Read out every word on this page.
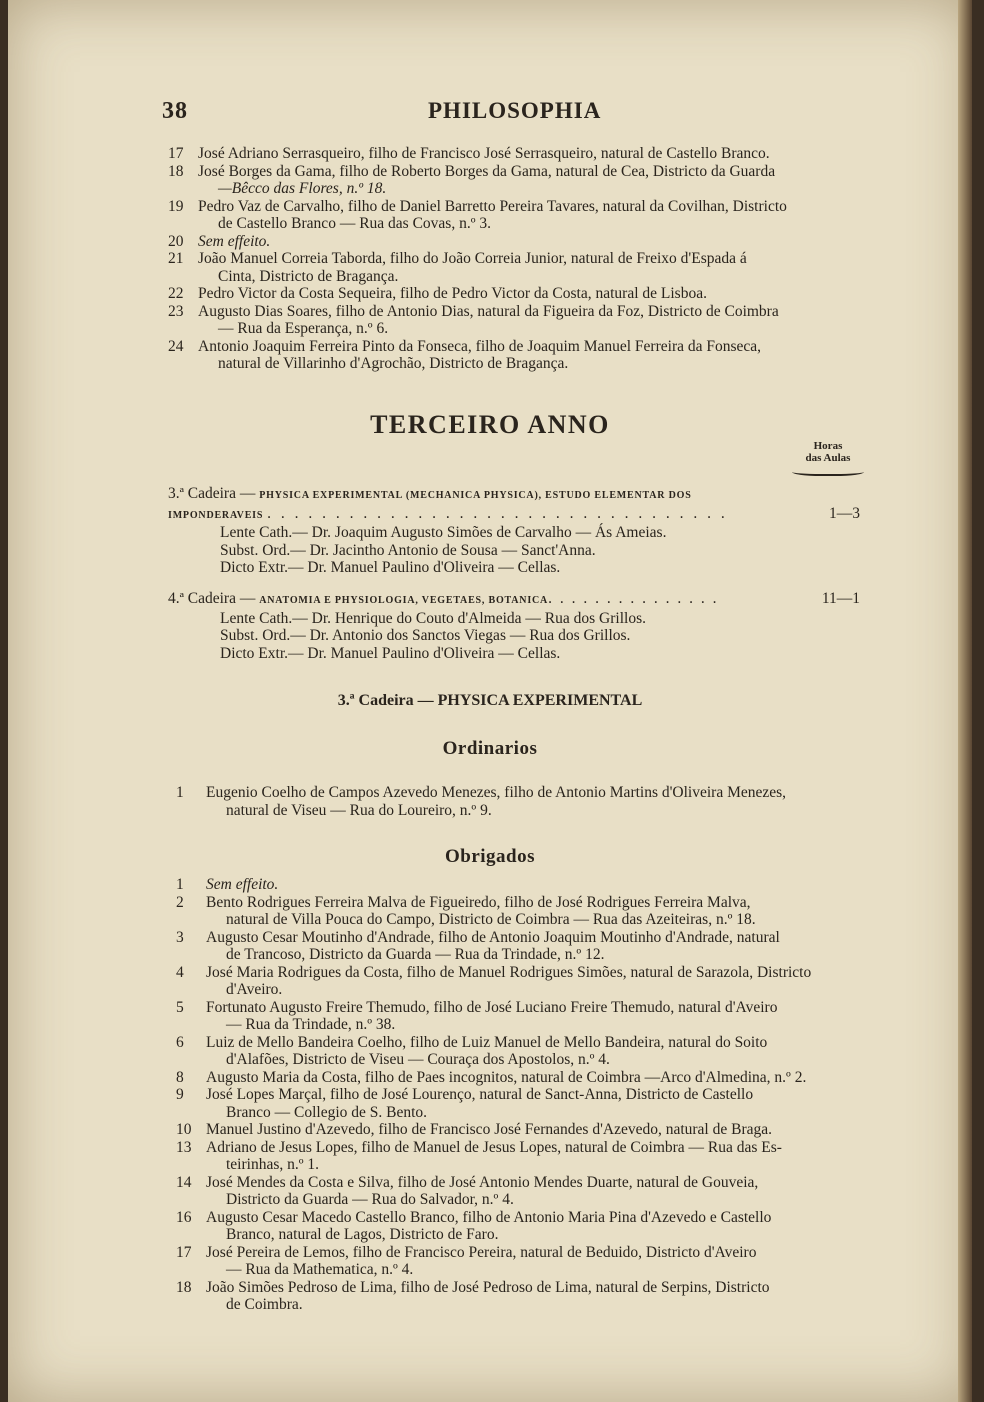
38	PHILOSOPHIA
17 José Adriano Serrasqueiro, filho de Francisco José Serrasqueiro, natural de Castello Branco.
18 José Borges da Gama, filho de Roberto Borges da Gama, natural de Cea, Districto da Guarda
—Bêcco das Flores, n.º 18.
19 Pedro Vaz de Carvalho, filho de Daniel Barretto Pereira Tavares, natural da Covilhan, Districto
de Castello Branco — Rua das Covas, n.º 3.
20 Sem effeito.
21 João Manuel Correia Taborda, filho do João Correia Junior, natural de Freixo d'Espada á
Cinta, Districto de Bragança.
22 Pedro Victor da Costa Sequeira, filho de Pedro Victor da Costa, natural de Lisboa.
23 Augusto Dias Soares, filho de Antonio Dias, natural da Figueira da Foz, Districto de Coimbra
— Rua da Esperança, n.º 6.
24 Antonio Joaquim Ferreira Pinto da Fonseca, filho de Joaquim Manuel Ferreira da Fonseca,
natural de Villarinho d'Agrochão, Districto de Bragança.
TERCEIRO ANNO
Horas
das Aulas
3.ª Cadeira — PHYSICA EXPERIMENTAL (MECHANICA PHYSICA), ESTUDO ELEMENTAR DOS
IMPONDERAVEIS . . . . . . . . . . . . . . . . . . . . . . . . . . . . . . . . . .	1—3
Lente Cath.— Dr. Joaquim Augusto Simões de Carvalho — Ás Ameias.
Subst. Ord.— Dr. Jacintho Antonio de Sousa — Sanct'Anna.
Dicto Extr.— Dr. Manuel Paulino d'Oliveira — Cellas.
4.ª Cadeira — ANATOMIA E PHYSIOLOGIA, VEGETAES, BOTANICA. . . . . . . . . . . . . . .	11—1
Lente Cath.— Dr. Henrique do Couto d'Almeida — Rua dos Grillos.
Subst. Ord.— Dr. Antonio dos Sanctos Viegas — Rua dos Grillos.
Dicto Extr.— Dr. Manuel Paulino d'Oliveira — Cellas.
3.ª Cadeira — PHYSICA EXPERIMENTAL
Ordinarios
1	Eugenio Coelho de Campos Azevedo Menezes, filho de Antonio Martins d'Oliveira Menezes,
natural de Viseu — Rua do Loureiro, n.º 9.
Obrigados
1	Sem effeito.
2	Bento Rodrigues Ferreira Malva de Figueiredo, filho de José Rodrigues Ferreira Malva,
natural de Villa Pouca do Campo, Districto de Coimbra — Rua das Azeiteiras, n.º 18.
3	Augusto Cesar Moutinho d'Andrade, filho de Antonio Joaquim Moutinho d'Andrade, natural
de Trancoso, Districto da Guarda — Rua da Trindade, n.º 12.
4	José Maria Rodrigues da Costa, filho de Manuel Rodrigues Simões, natural de Sarazola, Districto
d'Aveiro.
5	Fortunato Augusto Freire Themudo, filho de José Luciano Freire Themudo, natural d'Aveiro
— Rua da Trindade, n.º 38.
6	Luiz de Mello Bandeira Coelho, filho de Luiz Manuel de Mello Bandeira, natural do Soito
d'Alafões, Districto de Viseu — Couraça dos Apostolos, n.º 4.
8	Augusto Maria da Costa, filho de Paes incognitos, natural de Coimbra —Arco d'Almedina, n.º 2.
9	José Lopes Marçal, filho de José Lourenço, natural de Sanct-Anna, Districto de Castello
Branco — Collegio de S. Bento.
10 Manuel Justino d'Azevedo, filho de Francisco José Fernandes d'Azevedo, natural de Braga.
13 Adriano de Jesus Lopes, filho de Manuel de Jesus Lopes, natural de Coimbra — Rua das Es-
teirinhas, n.º 1.
14 José Mendes da Costa e Silva, filho de José Antonio Mendes Duarte, natural de Gouveia,
Districto da Guarda — Rua do Salvador, n.º 4.
16 Augusto Cesar Macedo Castello Branco, filho de Antonio Maria Pina d'Azevedo e Castello
Branco, natural de Lagos, Districto de Faro.
17 José Pereira de Lemos, filho de Francisco Pereira, natural de Beduido, Districto d'Aveiro
— Rua da Mathematica, n.º 4.
18 João Simões Pedroso de Lima, filho de José Pedroso de Lima, natural de Serpins, Districto
de Coimbra.
